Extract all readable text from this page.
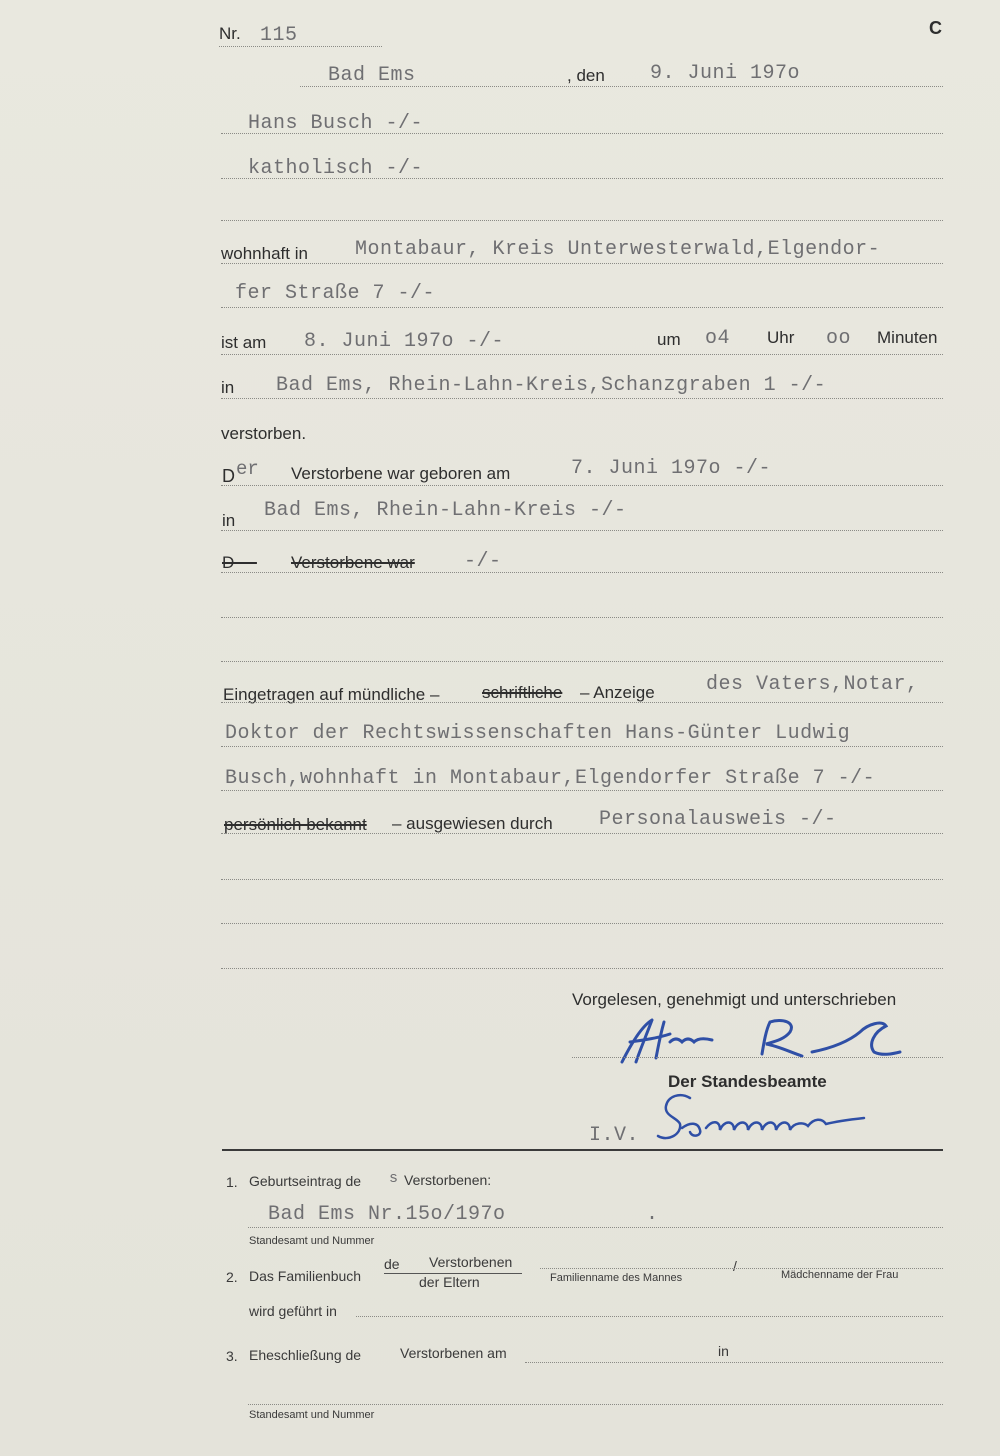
Nr. 115	C
Bad Ems	, den 9. Juni 197o
Hans Busch -/-
katholisch -/-
wohnhaft in Montabaur, Kreis Unterwesterwald,Elgendor-
fer Straße 7 -/-
ist am 8. Juni 197o -/-	um o4 Uhr oo Minuten
in Bad Ems, Rhein-Lahn-Kreis,Schanzgraben 1 -/-
verstorben.
D er Verstorbene war geboren am	7. Juni 197o -/-
in Bad Ems, Rhein-Lahn-Kreis -/-
D---- Verstorbene war -/-
Eingetragen auf mündliche –	schriftliche – Anzeige	des Vaters,Notar,
Doktor der Rechtswissenschaften Hans-Günter Ludwig
Busch,wohnhaft in Montabaur,Elgendorfer Straße 7 -/-
persönlich bekannt – ausgewiesen durch Personalausweis -/-
Vorgelesen, genehmigt und unterschrieben
Der Standesbeamte
I.V.
1. Geburtseintrag de s Verstorbenen:
Bad Ems Nr.15o/197o	.
Standesamt und Nummer
2. Das Familienbuch
de Verstorbenen
der Eltern	Familienname des Mannes
/
Mädchenname der Frau
wird geführt in
3. Eheschließung de	Verstorbenen am	in
Standesamt und Nummer
